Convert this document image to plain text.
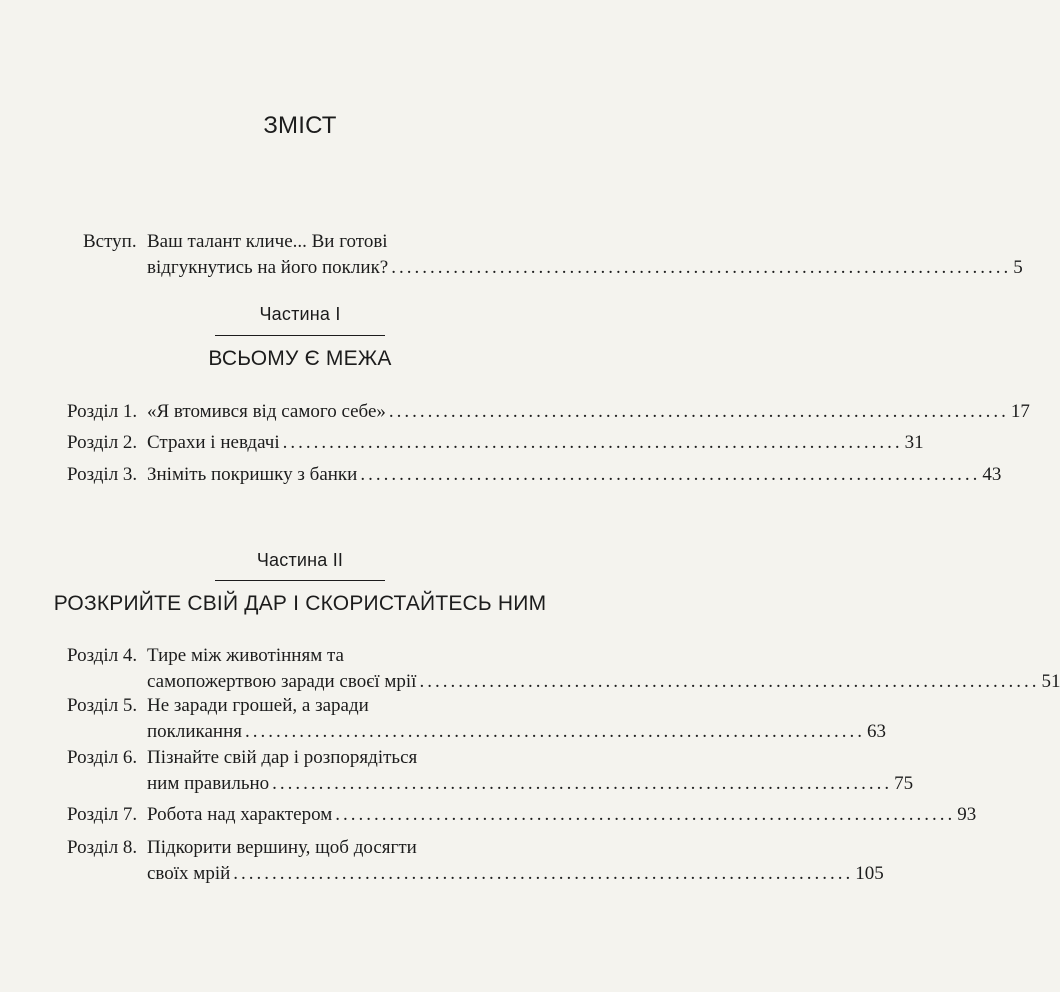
ЗМІСТ
Вступ. Ваш талант кличе... Ви готові
відгукнутись на його поклик? ................................................................................ 5
Частина І
ВСЬОМУ Є МЕЖА
Розділ 1. «Я втомився від самого себе» ................................................................................ 17
Розділ 2. Страхи і невдачі ................................................................................ 31
Розділ 3. Зніміть покришку з банки ................................................................................ 43
Частина ІІ
РОЗКРИЙТЕ СВІЙ ДАР І СКОРИСТАЙТЕСЬ НИМ
Розділ 4. Тире між животінням та
самопожертвою заради своєї мрії ................................................................................ 51
Розділ 5. Не заради грошей, а заради
покликання ................................................................................ 63
Розділ 6. Пізнайте свій дар і розпорядіться
ним правильно ................................................................................ 75
Розділ 7. Робота над характером ................................................................................ 93
Розділ 8. Підкорити вершину, щоб досягти
своїх мрій ................................................................................ 105
